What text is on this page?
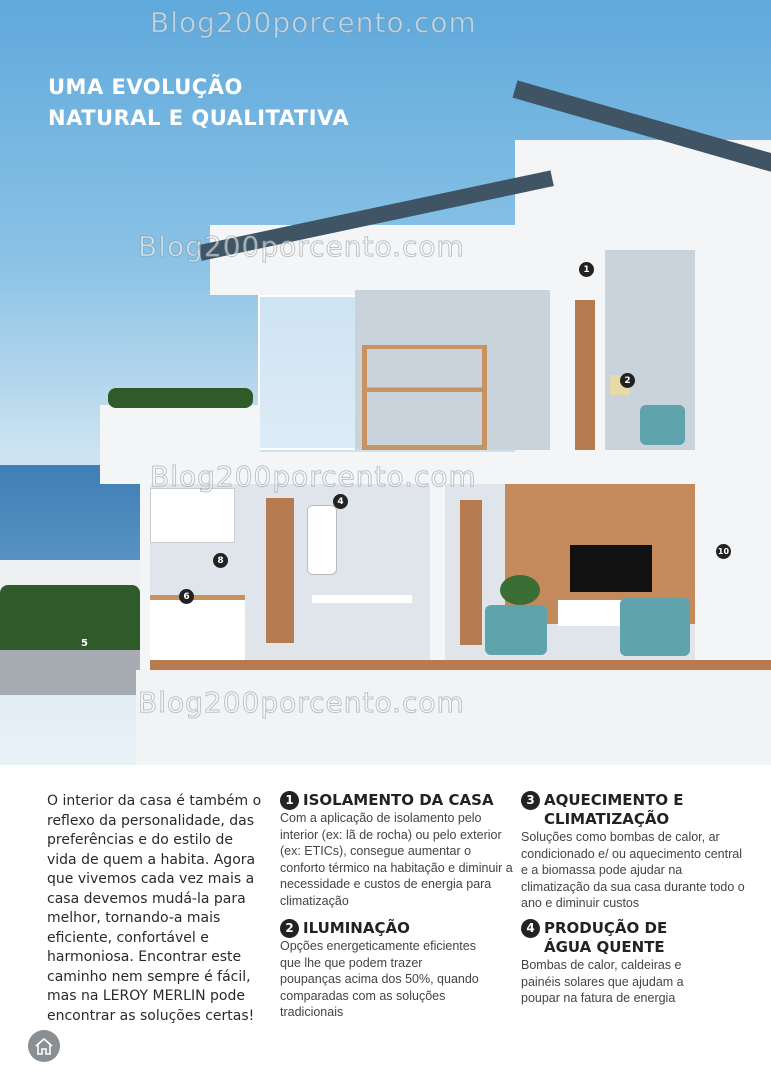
1
2
4
5
6
8
10
UMA EVOLUÇÃO
NATURAL E QUALITATIVA
Blog200porcento.com
Blog200porcento.com
Blog200porcento.com
Blog200porcento.com
O interior da casa é também o reflexo da personalidade, das preferências e do estilo de vida de quem a habita. Agora que vivemos cada vez mais a casa devemos mudá-la para melhor, tornando-a mais eficiente, confortável e harmoniosa. Encontrar este caminho nem sempre é fácil, mas na LEROY MERLIN pode encontrar as soluções certas!
1 ISOLAMENTO DA CASA

Com a aplicação de isolamento pelo interior (ex: lã de rocha) ou pelo exterior (ex: ETICs), consegue aumentar o conforto térmico na habitação e diminuir a necessidade e custos de energia para climatização

2 ILUMINAÇÃO

Opções energeticamente eficientes que lhe que podem trazer poupanças acima dos 50%, quando comparadas com as soluções tradicionais

3 AQUECIMENTO E CLIMATIZAÇÃO

Soluções como bombas de calor, ar condicionado e/ ou aquecimento central e a biomassa pode ajudar na climatização da sua casa durante todo o ano e diminuir custos

4 PRODUÇÃO DE ÁGUA QUENTE

Bombas de calor, caldeiras e painéis solares que ajudam a poupar na fatura de energia
